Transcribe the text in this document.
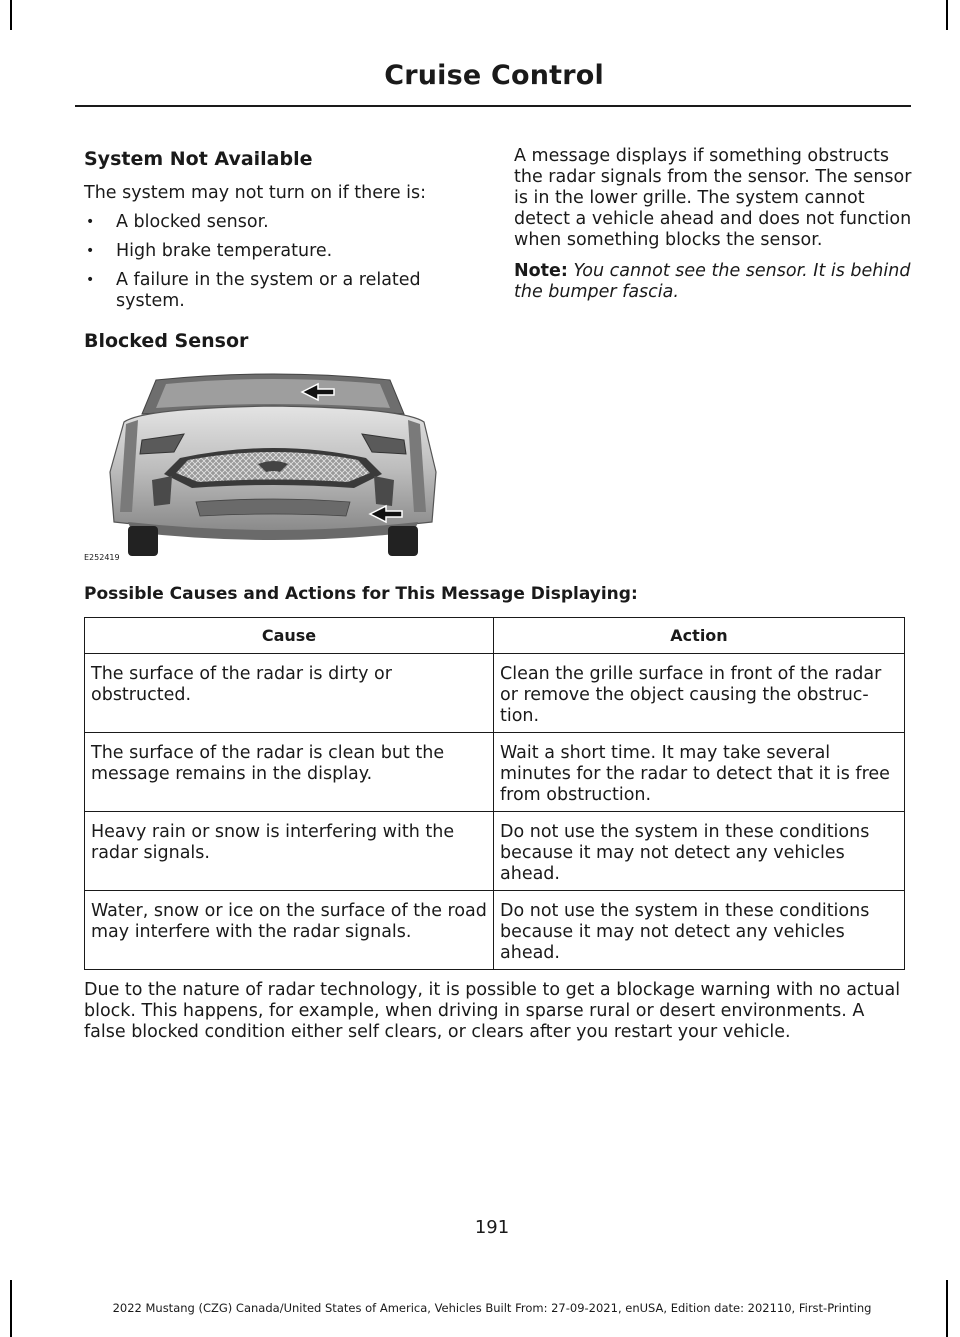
Cruise Control
System Not Available

The system may not turn on if there is:

• A blocked sensor.
• High brake temperature.
• A failure in the system or a related system.
Blocked Sensor

A message displays if something obstructs the radar signals from the sensor. The sensor is in the lower grille. The system cannot detect a vehicle ahead and does not function when something blocks the sensor.

Note: You cannot see the sensor. It is behind the bumper fascia.

E252419
Possible Causes and Actions for This Message Displaying:
Cause	Action
The surface of the radar is dirty or obstructed.	Clean the grille surface in front of the radar or remove the object causing the obstruc-tion.
The surface of the radar is clean but the message remains in the display.	Wait a short time. It may take several minutes for the radar to detect that it is free from obstruction.
Heavy rain or snow is interfering with the radar signals.	Do not use the system in these conditions because it may not detect any vehicles ahead.
Water, snow or ice on the surface of the road may interfere with the radar signals.	Do not use the system in these conditions because it may not detect any vehicles ahead.

Due to the nature of radar technology, it is possible to get a blockage warning with no actual block. This happens, for example, when driving in sparse rural or desert environments. A false blocked condition either self clears, or clears after you restart your vehicle.

191
2022 Mustang (CZG) Canada/United States of America, Vehicles Built From: 27-09-2021, enUSA, Edition date: 202110, First-Printing
